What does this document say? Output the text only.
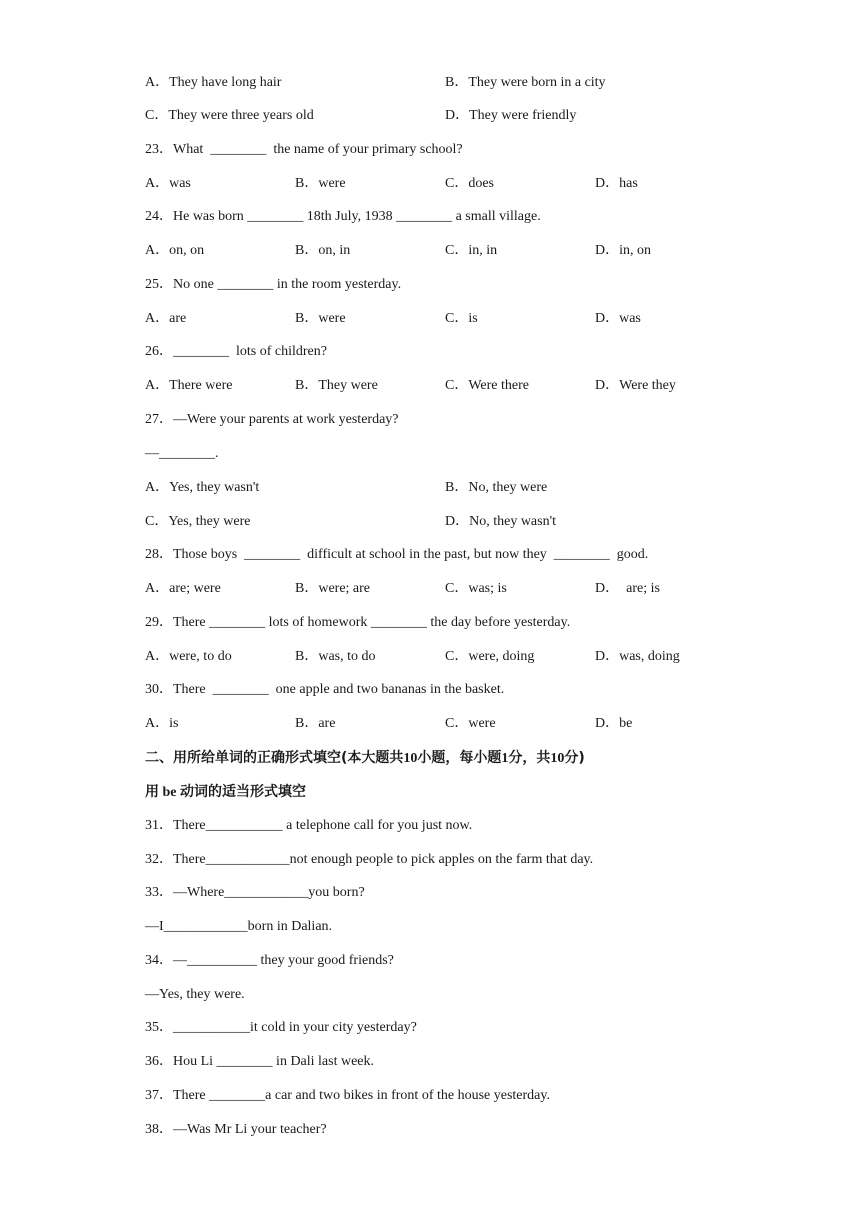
A．They have long hair

	B．They were born in a city

C．They were three years old

	D．They were friendly

23．What  ________  the name of your primary school?

A．was

	B．were

	C．does

	D．has

24．He was born ________ 18th July, 1938 ________ a small village.

A．on, on

	B．on, in

	C．in, in

	D．in, on

25．No one ________ in the room yesterday.

A．are

	B．were

	C．is

	D．was

26．________  lots of children?

A．There were

	B．They were

	C．Were there

	D．Were they

27．—Were your parents at work yesterday?
—________.

A．Yes, they wasn't

	B．No, they were

C．Yes, they were

	D．No, they wasn't

28．Those boys  ________  difficult at school in the past, but now they  ________  good.

A．are; were

	B．were; are

	C．was; is

	D．  are; is

29．There ________ lots of homework ________ the day before yesterday.

A．were, to do

	B．was, to do

	C．were, doing

	D．was, doing

30．There  ________  one apple and two bananas in the basket.

A．is

	B．are

	C．were

	D．be

二、用所给单词的正确形式填空(本大题共10小题，每小题1分，共10分)
用 be 动词的适当形式填空
31．There___________ a telephone call for you just now.
32．There____________not enough people to pick apples on the farm that day.
33．—Where____________you born?
—I____________born in Dalian.
34．—__________ they your good friends?
—Yes, they were.
35．___________it cold in your city yesterday?
36．Hou Li ________ in Dali last week.
37．There ________a car and two bikes in front of the house yesterday.
38．—Was Mr Li your teacher?
